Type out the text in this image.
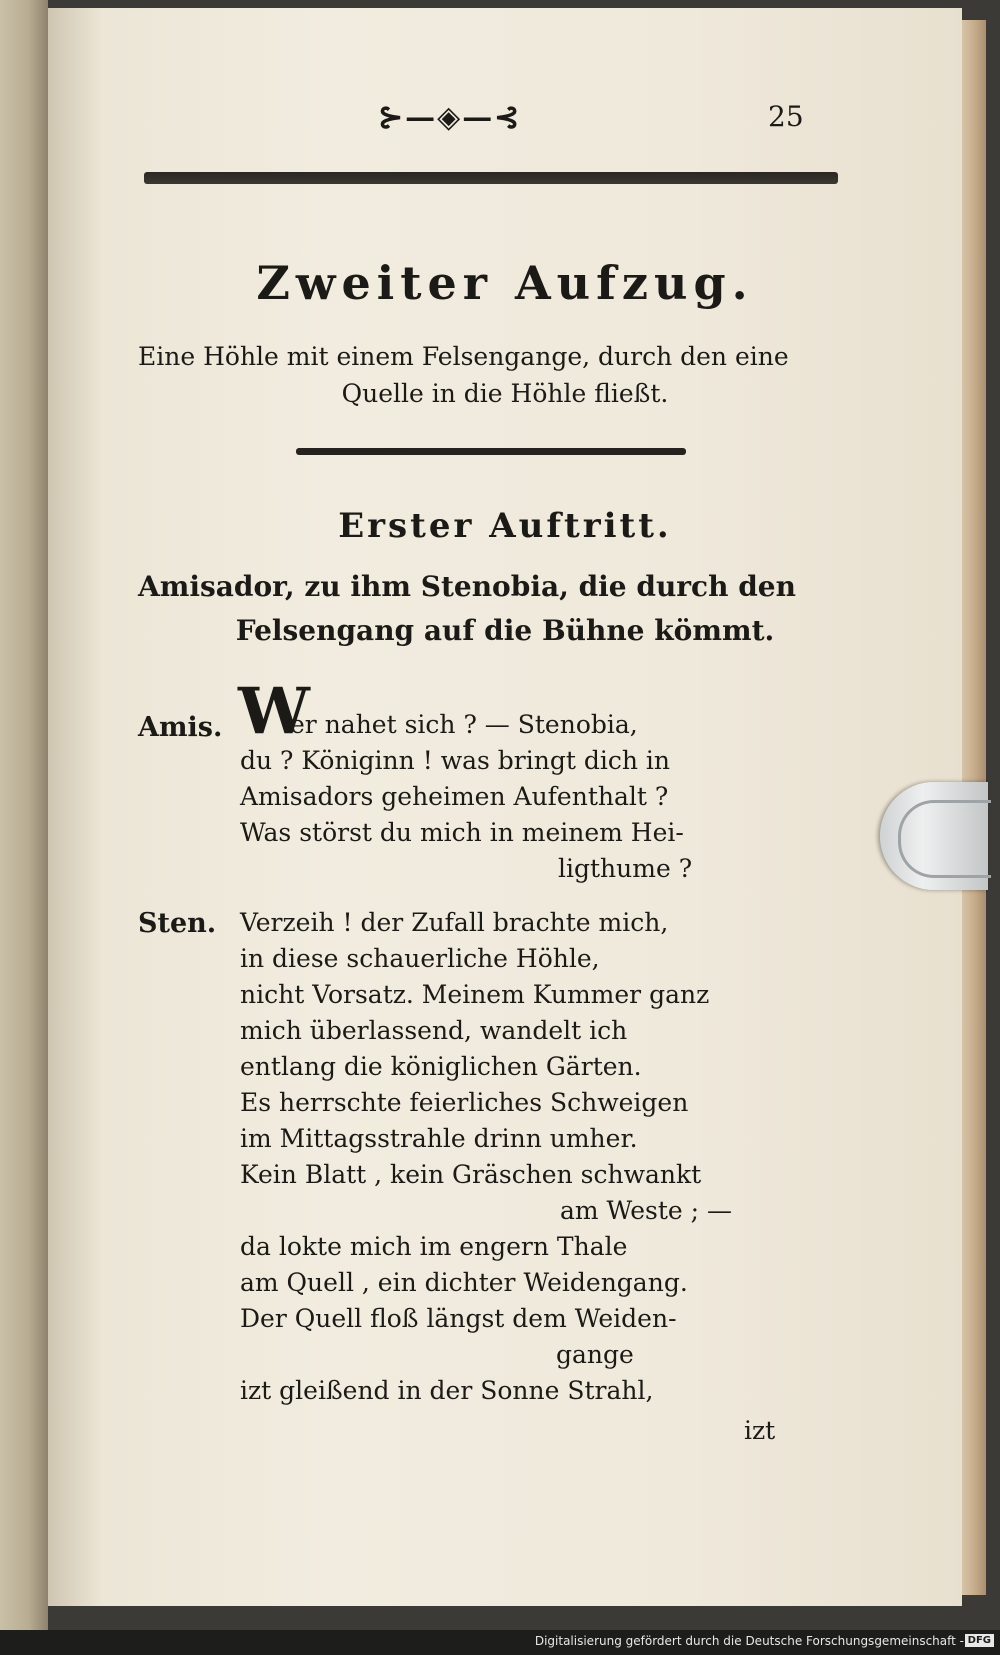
⊱—◈—⊰	25
Zweiter Aufzug.
Eine Höhle mit einem Felsengange, durch den eine
Quelle in die Höhle fließt.
Erster Auftritt.
Amisador, zu ihm Stenobia, die durch den
Felsengang auf die Bühne kömmt.
Amis. W
er nahet sich ? — Stenobia,
du ? Königinn ! was bringt dich in
Amisadors geheimen Aufenthalt ?
Was störst du mich in meinem Hei-
ligthume ?
Sten. Verzeih ! der Zufall brachte mich,
in diese schauerliche Höhle,
nicht Vorsatz. Meinem Kummer ganz
mich überlassend, wandelt ich
entlang die königlichen Gärten.
Es herrschte feierliches Schweigen
im Mittagsstrahle drinn umher.
Kein Blatt , kein Gräschen schwankt
am Weste ; —
da lokte mich im engern Thale
am Quell , ein dichter Weidengang.
Der Quell floß längst dem Weiden-
gange
izt gleißend in der Sonne Strahl,
izt
Digitalisierung gefördert durch die Deutsche Forschungsgemeinschaft - DFG
